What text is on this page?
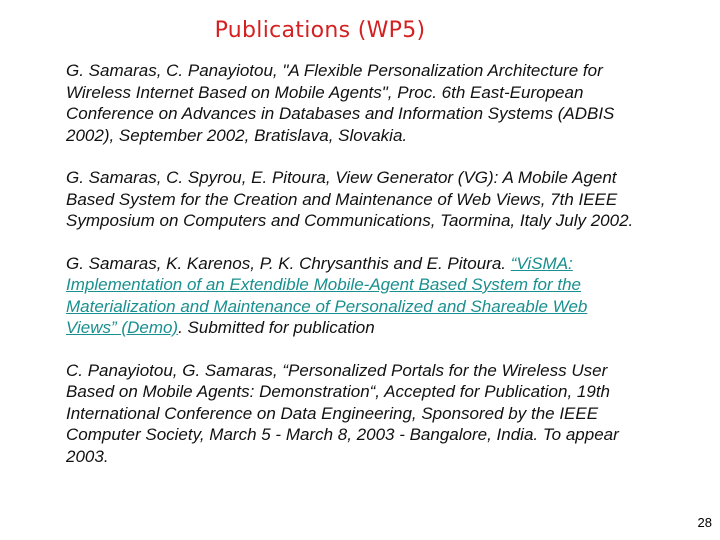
Publications (WP5)

G. Samaras, C. Panayiotou, "A Flexible Personalization Architecture for Wireless Internet Based on Mobile Agents", Proc. 6th East-European Conference on Advances in Databases and Information Systems (ADBIS 2002), September 2002, Bratislava, Slovakia.

G. Samaras, C. Spyrou, E. Pitoura, View Generator (VG): A Mobile Agent Based System for the Creation and Maintenance of Web Views, 7th IEEE Symposium on Computers and Communications, Taormina, Italy July 2002.

G. Samaras, K. Karenos, P. K. Chrysanthis and E. Pitoura. “ViSMA: Implementation of an Extendible Mobile-Agent Based System for the Materialization and Maintenance of Personalized and Shareable Web Views” (Demo). Submitted for publication

C. Panayiotou, G. Samaras, “Personalized Portals for the Wireless User Based on Mobile Agents: Demonstration“, Accepted for Publication, 19th International Conference on Data Engineering, Sponsored by the IEEE Computer Society, March 5 - March 8, 2003 - Bangalore, India. To appear 2003.

28
